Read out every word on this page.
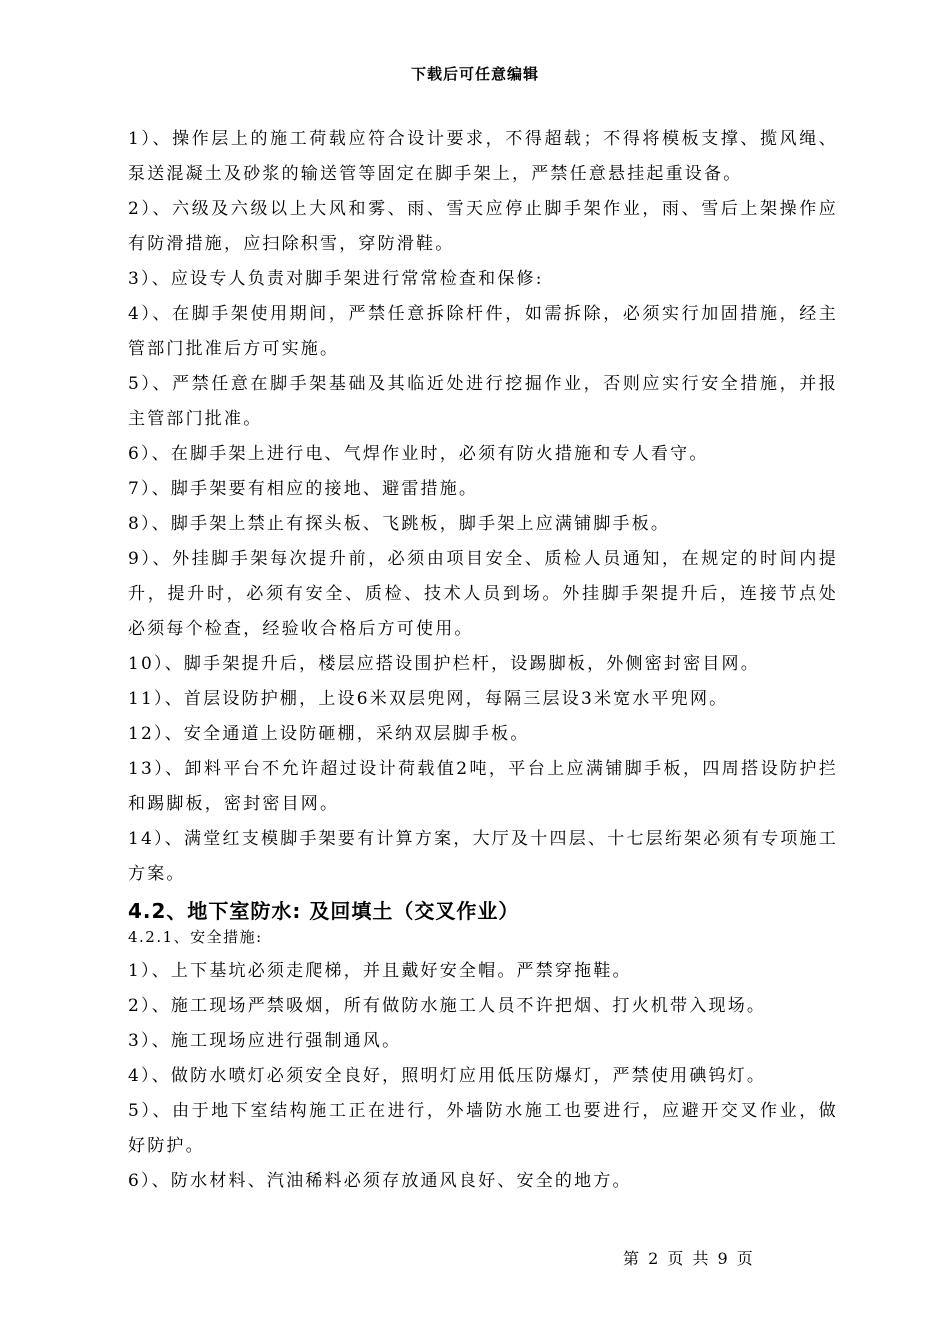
下载后可任意编辑

1）、操作层上的施工荷载应符合设计要求，不得超载；不得将模板支撑、揽风绳、泵送混凝土及砂浆的输送管等固定在脚手架上，严禁任意悬挂起重设备。

2）、六级及六级以上大风和雾、雨、雪天应停止脚手架作业，雨、雪后上架操作应有防滑措施，应扫除积雪，穿防滑鞋。

3）、应设专人负责对脚手架进行常常检查和保修:

4）、在脚手架使用期间，严禁任意拆除杆件，如需拆除，必须实行加固措施，经主管部门批准后方可实施。

5）、严禁任意在脚手架基础及其临近处进行挖掘作业，否则应实行安全措施，并报主管部门批准。

6）、在脚手架上进行电、气焊作业时，必须有防火措施和专人看守。

7）、脚手架要有相应的接地、避雷措施。

8）、脚手架上禁止有探头板、飞跳板，脚手架上应满铺脚手板。

9）、外挂脚手架每次提升前，必须由项目安全、质检人员通知，在规定的时间内提升，提升时，必须有安全、质检、技术人员到场。外挂脚手架提升后，连接节点处必须每个检查，经验收合格后方可使用。

10）、脚手架提升后，楼层应搭设围护栏杆，设踢脚板，外侧密封密目网。

11）、首层设防护棚，上设6米双层兜网，每隔三层设3米宽水平兜网。

12）、安全通道上设防砸棚，采纳双层脚手板。

13）、卸料平台不允许超过设计荷载值2吨，平台上应满铺脚手板，四周搭设防护拦和踢脚板，密封密目网。

14）、满堂红支模脚手架要有计算方案，大厅及十四层、十七层绗架必须有专项施工方案。

4.2、地下室防水: 及回填土（交叉作业）
4.2.1、安全措施:

1）、上下基坑必须走爬梯，并且戴好安全帽。严禁穿拖鞋。

2）、施工现场严禁吸烟，所有做防水施工人员不许把烟、打火机带入现场。

3）、施工现场应进行强制通风。

4）、做防水喷灯必须安全良好，照明灯应用低压防爆灯，严禁使用碘钨灯。

5）、由于地下室结构施工正在进行，外墙防水施工也要进行，应避开交叉作业，做好防护。

6）、防水材料、汽油稀料必须存放通风良好、安全的地方。

第 2 页 共 9 页
